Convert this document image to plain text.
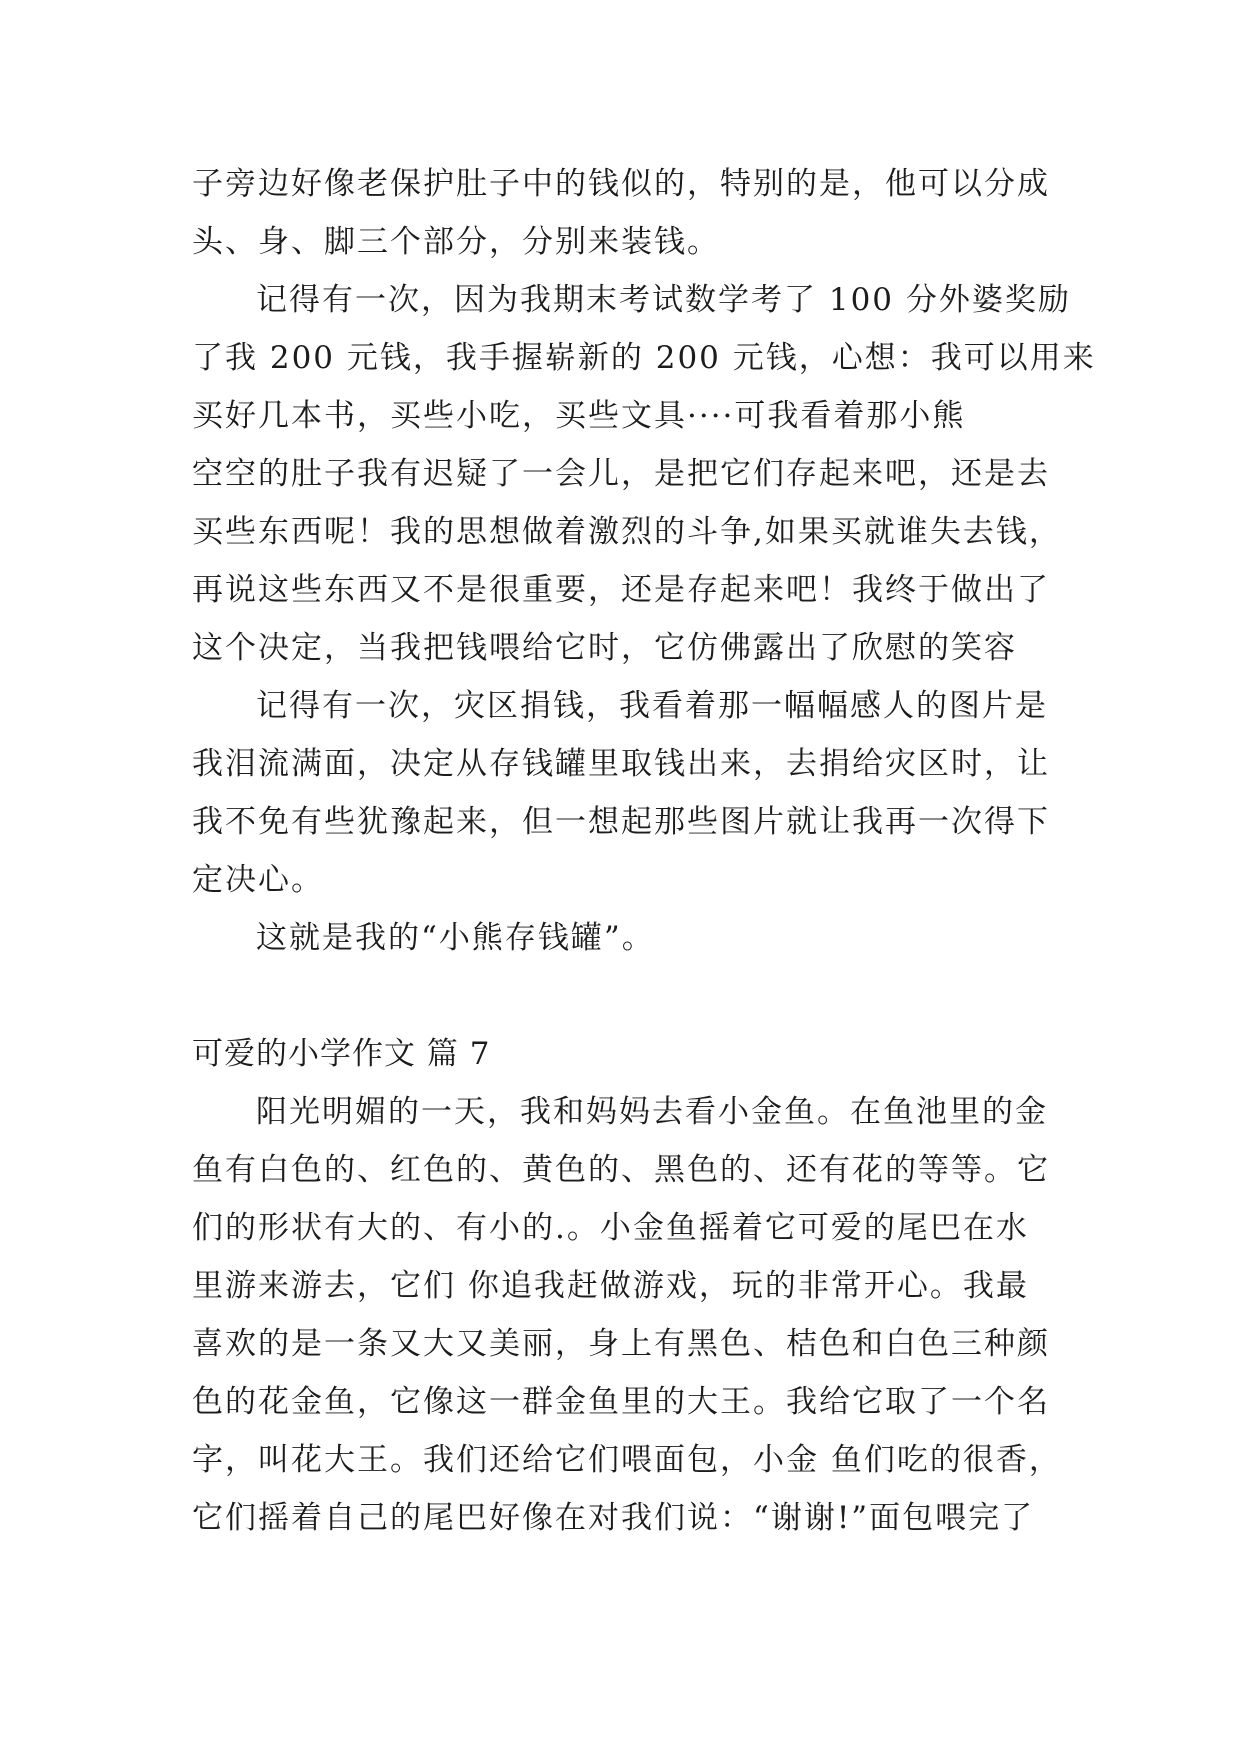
子旁边好像老保护肚子中的钱似的，特别的是，他可以分成
头、身、脚三个部分，分别来装钱。
记得有一次，因为我期末考试数学考了 100 分外婆奖励
了我 200 元钱，我手握崭新的 200 元钱，心想：我可以用来
买好几本书，买些小吃，买些文具····可我看着那小熊
空空的肚子我有迟疑了一会儿，是把它们存起来吧，还是去
买些东西呢！我的思想做着激烈的斗争,如果买就谁失去钱，
再说这些东西又不是很重要，还是存起来吧！我终于做出了
这个决定，当我把钱喂给它时，它仿佛露出了欣慰的笑容
记得有一次，灾区捐钱，我看着那一幅幅感人的图片是
我泪流满面，决定从存钱罐里取钱出来，去捐给灾区时，让
我不免有些犹豫起来，但一想起那些图片就让我再一次得下
定决心。
这就是我的“小熊存钱罐”。
可爱的小学作文 篇 7
阳光明媚的一天，我和妈妈去看小金鱼。在鱼池里的金
鱼有白色的、红色的、黄色的、黑色的、还有花的等等。它
们的形状有大的、有小的.。小金鱼摇着它可爱的尾巴在水
里游来游去，它们 你追我赶做游戏，玩的非常开心。我最
喜欢的是一条又大又美丽，身上有黑色、桔色和白色三种颜
色的花金鱼，它像这一群金鱼里的大王。我给它取了一个名
字，叫花大王。我们还给它们喂面包，小金 鱼们吃的很香，
它们摇着自己的尾巴好像在对我们说：“谢谢!”面包喂完了
